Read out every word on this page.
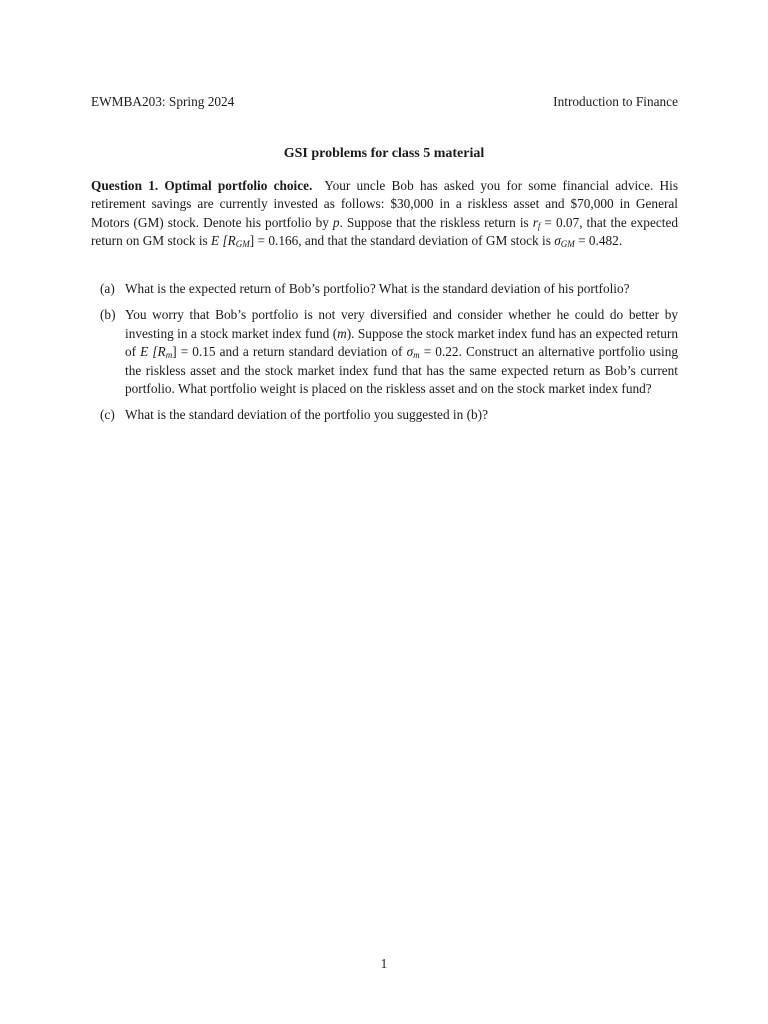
EWMBA203: Spring 2024	Introduction to Finance
GSI problems for class 5 material
Question 1. Optimal portfolio choice. Your uncle Bob has asked you for some financial advice. His retirement savings are currently invested as follows: $30,000 in a riskless asset and $70,000 in General Motors (GM) stock. Denote his portfolio by p. Suppose that the riskless return is $r_f = 0.07$, that the expected return on GM stock is E $[R_{GM}] = 0.166$, and that the standard deviation of GM stock is $\sigma_{GM} = 0.482$.
(a) What is the expected return of Bob’s portfolio? What is the standard deviation of his portfolio?
(b) You worry that Bob’s portfolio is not very diversified and consider whether he could do better by investing in a stock market index fund (m). Suppose the stock market index fund has an expected return of E $[R_m] = 0.15$ and a return standard deviation of $\sigma_m = 0.22$. Construct an alternative portfolio using the riskless asset and the stock market index fund that has the same expected return as Bob’s current portfolio. What portfolio weight is placed on the riskless asset and on the stock market index fund?
(c) What is the standard deviation of the portfolio you suggested in (b)?
1
